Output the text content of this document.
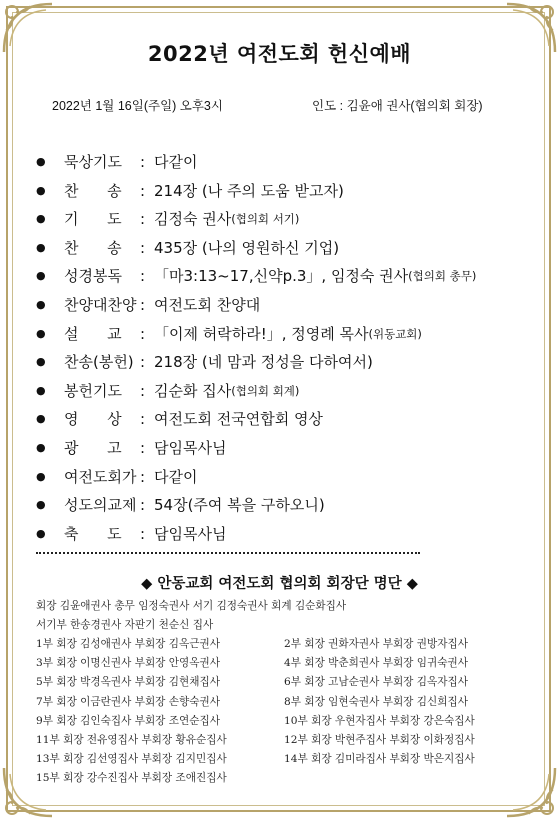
2022년 여전도회 헌신예배
2022년 1월 16일(주일) 오후3시	인도 : 김윤애 권사(협의회 회장)
●	묵상기도	: 다같이
●	찬      송	: 214장 (나 주의 도움 받고자)
●	기      도	: 김정숙 권사 (협의회 서기)
●	찬      송	: 435장 (나의 영원하신 기업)
●	성경봉독	: 「마3:13~17,신약p.3」, 임정숙 권사 (협의회 총무)
●	찬양대찬양 : 여전도회 찬양대
●	설      교	: 「이제 허락하라!」, 정영례 목사 (위동교회)
●	찬송(봉헌) : 218장 (네 맘과 정성을 다하여서)
●	봉헌기도	: 김순화 집사 (협의회 회계)
●	영      상	: 여전도회 전국연합회 영상
●	광      고	: 담임목사님
●	여전도회가 : 다같이
●	성도의교제 : 54장(주여 복을 구하오니)
●	축      도	: 담임목사님
◆ 안동교회 여전도회 협의회 회장단 명단 ◆
회장 김윤애권사 총무 임정숙권사 서기 김정숙권사 회계 김순화집사
서기부 한송경권사 자판기 천순신 집사
1부 회장 김성애권사 부회장 김옥근권사	2부 회장 권화자권사 부회장 권방자집사
3부 회장 이명신권사 부회장 안영옥권사	4부 회장 박춘희권사 부회장 임귀숙권사
5부 회장 박경옥권사 부회장 김현채집사	6부 회장 고남순권사 부회장 김옥자집사
7부 회장 이금란권사 부회장 손향숙권사	8부 회장 임현숙권사 부회장 김신희집사
9부 회장 김인숙집사 부회장 조연순집사	10부 회장 우현자집사 부회장 강은숙집사
11부 회장 전유영집사 부회장 황유순집사	12부 회장 박현주집사 부회장 이화정집사
13부 회장 김선영집사 부회장 김지민집사	14부 회장 김미라집사 부회장 박은지집사
15부 회장 강수진집사 부회장 조애진집사
